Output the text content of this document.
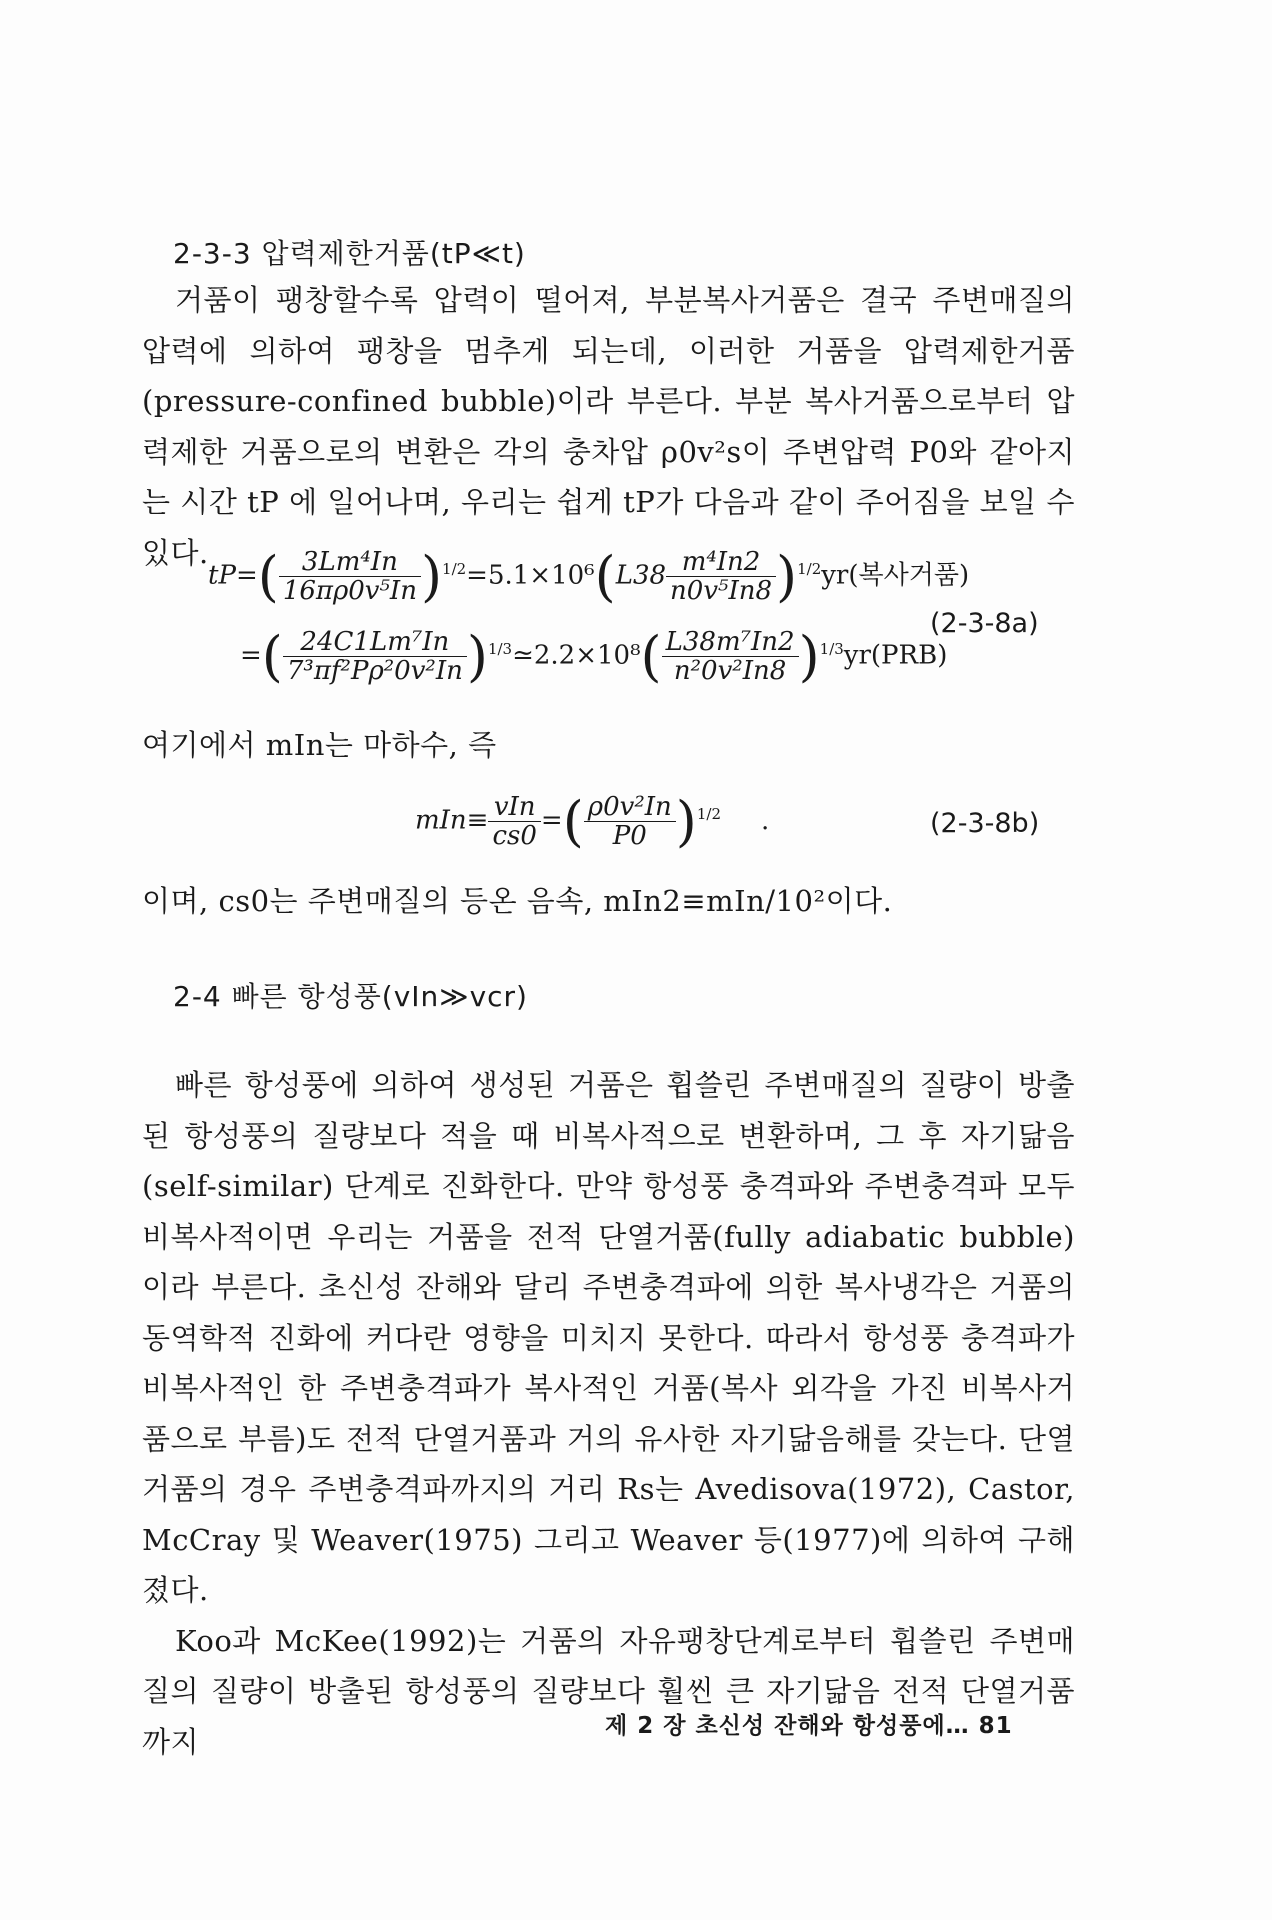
2-3-3 압력제한거품(tP≪t)

거품이 팽창할수록 압력이 떨어져, 부분복사거품은 결국 주변매질의 압력에 의하여 팽창을 멈추게 되는데, 이러한 거품을 압력제한거품 (pressure-confined bubble)이라 부른다. 부분 복사거품으로부터 압력제한 거품으로의 변환은 각의 충차압 ρ0v²s이 주변압력 P0와 같아지는 시간 tP 에 일어나며, 우리는 쉽게 tP가 다음과 같이 주어짐을 보일 수 있다.

$tP=( \frac{\text{3Lm⁴In}}{\text{16πρ0v⁵In}} )^{1/2}=5.1\times 10^6(L38 \frac{\text{m⁴In2}}{\text{n0v⁵In8}} )^{1/2}yr$(복사거품)
=( $\frac{\text{24C1Lm⁷In}}{\text{7³πf²Pρ²0v²In}}$ )$^{1/3}$≃2.2×10⁸( $\frac{\text{L38m⁷In2}}{\text{n²0v²In8}} )^{1/3}yr(PRB)$
(2-3-8a)

여기에서 mIn는 마하수, 즉

$mIn\equiv \frac{\text{vIn}}{cs0}$ =( $\frac{\text{ρ0v²In}}{P0} )^{1/2}$ .	(2-3-8b)

이며, cs0는 주변매질의 등온 음속, mIn2≡mIn/10²이다.

2-4 빠른 항성풍(vIn≫vcr)

빠른 항성풍에 의하여 생성된 거품은 휩쓸린 주변매질의 질량이 방출된 항성풍의 질량보다 적을 때 비복사적으로 변환하며, 그 후 자기닮음 (self-similar) 단계로 진화한다. 만약 항성풍 충격파와 주변충격파 모두 비복사적이면 우리는 거품을 전적 단열거품(fully adiabatic bubble)이라 부른다. 초신성 잔해와 달리 주변충격파에 의한 복사냉각은 거품의 동역학적 진화에 커다란 영향을 미치지 못한다. 따라서 항성풍 충격파가 비복사적인 한 주변충격파가 복사적인 거품(복사 외각을 가진 비복사거품으로 부름)도 전적 단열거품과 거의 유사한 자기닮음해를 갖는다. 단열거품의 경우 주변충격파까지의 거리 Rs는 Avedisova(1972), Castor, McCray 및 Weaver(1975) 그리고 Weaver 등(1977)에 의하여 구해졌다.

Koo과 McKee(1992)는 거품의 자유팽창단계로부터 휩쓸린 주변매질의 질량이 방출된 항성풍의 질량보다 훨씬 큰 자기닮음 전적 단열거품까지	제 2 장 초신성 잔해와 항성풍에… 81
